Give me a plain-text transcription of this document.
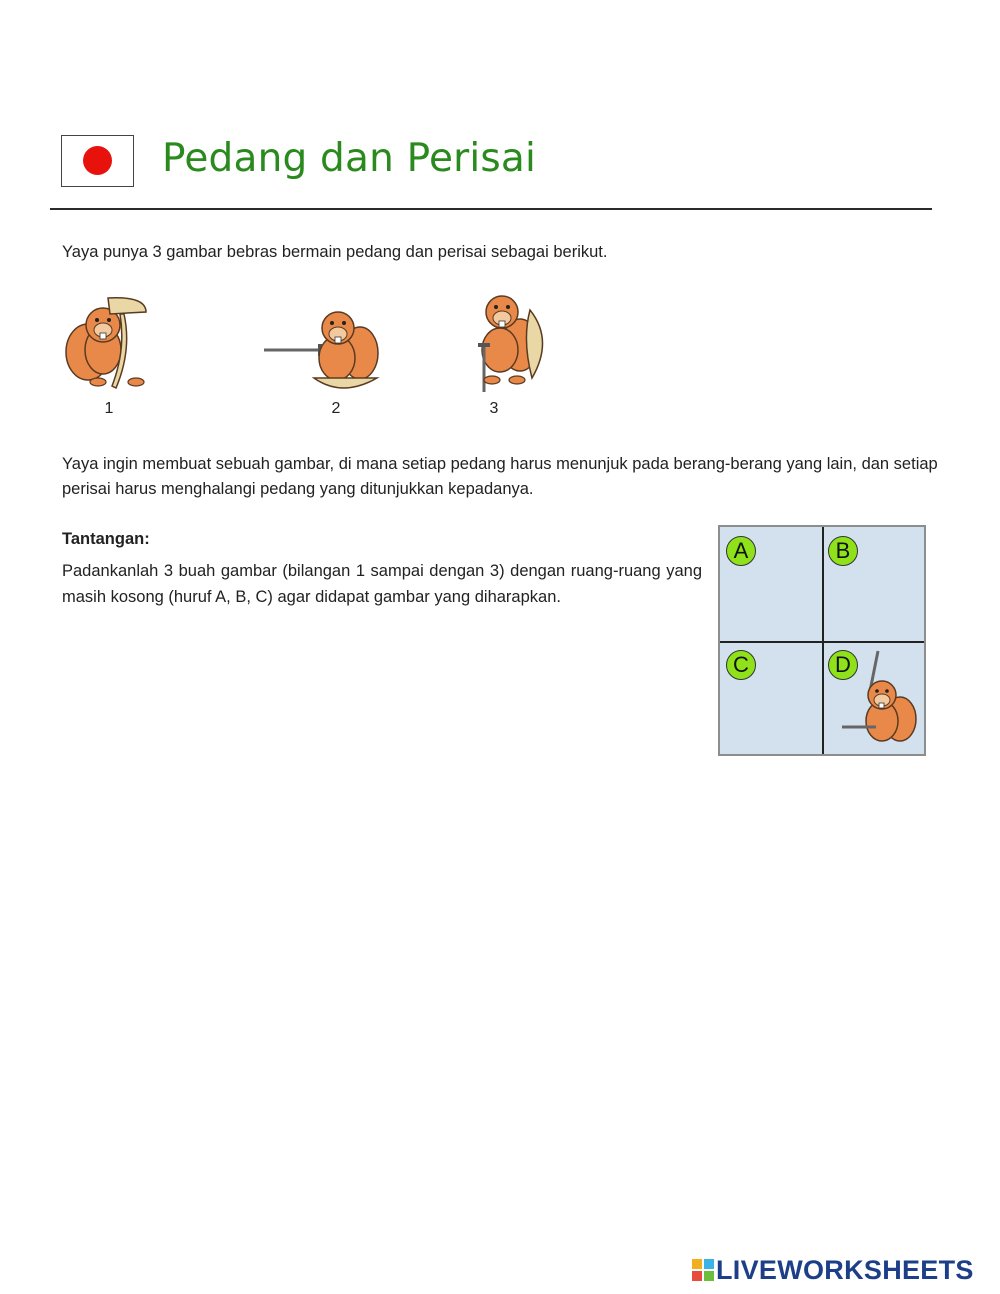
Pedang dan Perisai
Yaya punya 3 gambar bebras bermain pedang dan perisai sebagai berikut.
1	2	3
Yaya ingin membuat sebuah gambar, di mana setiap pedang harus menunjuk pada berang-berang yang lain, dan setiap perisai harus menghalangi pedang yang ditunjukkan kepadanya.
Tantangan:
Padankanlah 3 buah gambar (bilangan 1 sampai dengan 3) dengan ruang-ruang yang masih kosong (huruf A, B, C) agar didapat gambar yang diharapkan.
A	B
C	D
LIVEWORKSHEETS
